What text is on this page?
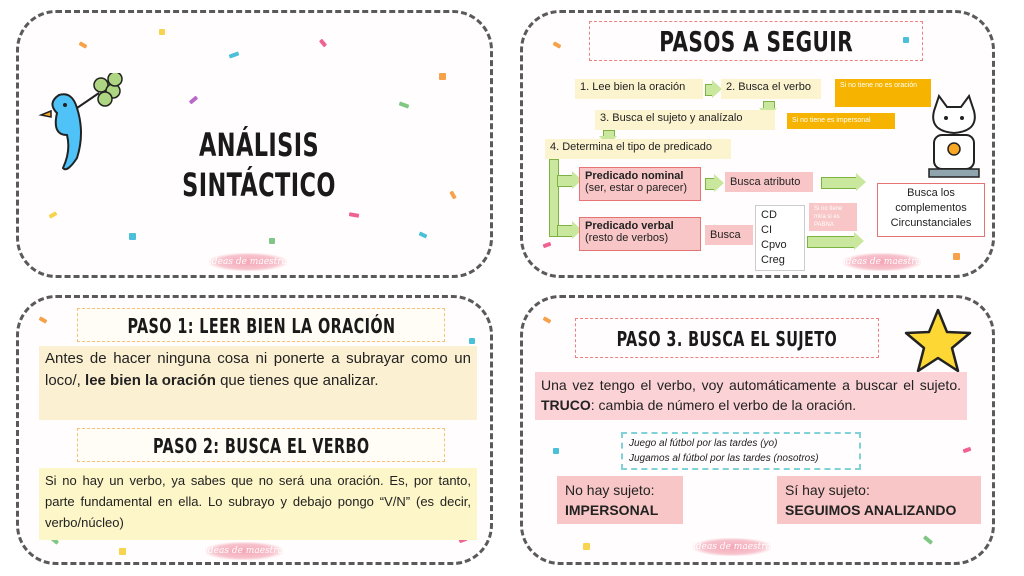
ANÁLISIS SINTÁCTICO
ideas de maestra
PASOS A SEGUIR
1. Lee bien la oración	2. Busca el verbo	Si no tiene no es oración
3. Busca el sujeto y analízalo	Si no tiene es impersonal
4. Determina el tipo de predicado
Predicado nominal
(ser, estar o parecer)	Busca atributo
Predicado verbal
(resto de verbos)	Busca
CD
CI
Cpvo
Creg
Si no tiene mira si es PABNA
Busca los complementos Circunstanciales
ideas de maestra
PASO 1: LEER BIEN LA ORACIÓN
Antes de hacer ninguna cosa ni ponerte a subrayar como un loco/, lee bien la oración que tienes que analizar.
PASO 2: BUSCA EL VERBO
Si no hay un verbo, ya sabes que no será una oración. Es, por tanto, parte fundamental en ella. Lo subrayo y debajo pongo “V/N” (es decir, verbo/núcleo)
ideas de maestra
PASO 3. BUSCA EL SUJETO
Una vez tengo el verbo, voy automáticamente a buscar el sujeto. TRUCO: cambia de número el verbo de la oración.
Juego al fútbol por las tardes (yo)
Jugamos al fútbol por las tardes (nosotros)
No hay sujeto:
IMPERSONAL
Sí hay sujeto:
SEGUIMOS ANALIZANDO
ideas de maestra
